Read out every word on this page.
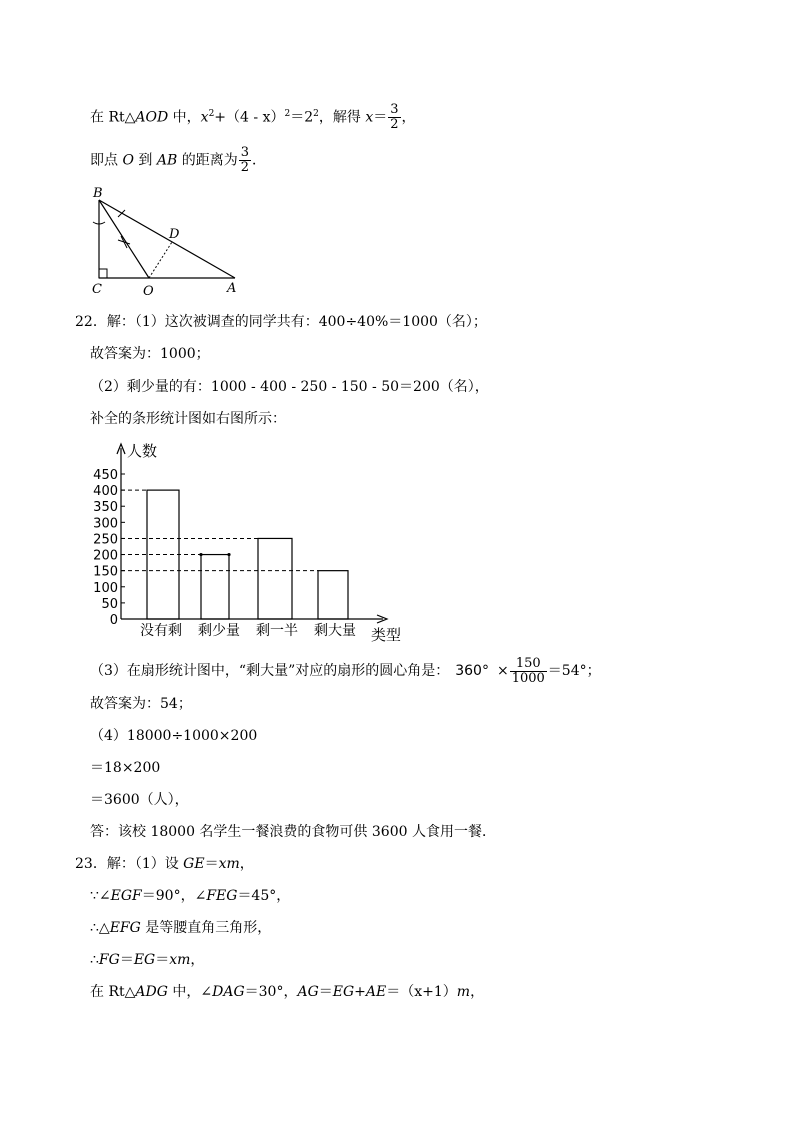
在 Rt△AOD 中，$x^2+(4 - x)^2=2^2$，解得 $x= \frac{3}{2}$ ，
即点 O 到 AB 的距离为 $\frac{3}{2}$ ．
B
D
C	O	A
22．解：（1）这次被调查的同学共有：400÷40%＝1000（名）；
故答案为：1000；
（2）剩少量的有：1000 - 400 - 250 - 150 - 50＝200（名），
补全的条形统计图如右图所示：
0
50
100
150
200
250
300
350
400
450
人数
类型
没有剩 剩少量 剩一半 剩大量
（3）在扇形统计图中，“剩大量”对应的扇形的圆心角是： $360^\circ \times \frac{150}{1000} =54^\circ$；
故答案为：54；
（4）18000÷1000×200
＝18×200
＝3600（人），
答：该校 18000 名学生一餐浪费的食物可供 3600 人食用一餐．
23．解：（1）设 GE＝xm，
∵∠EGF＝90°，∠FEG＝45°，
∴△EFG 是等腰直角三角形，
∴FG＝EG＝xm，
在 Rt△ADG 中，∠DAG＝30°，AG＝EG+AE＝（x+1）m，
